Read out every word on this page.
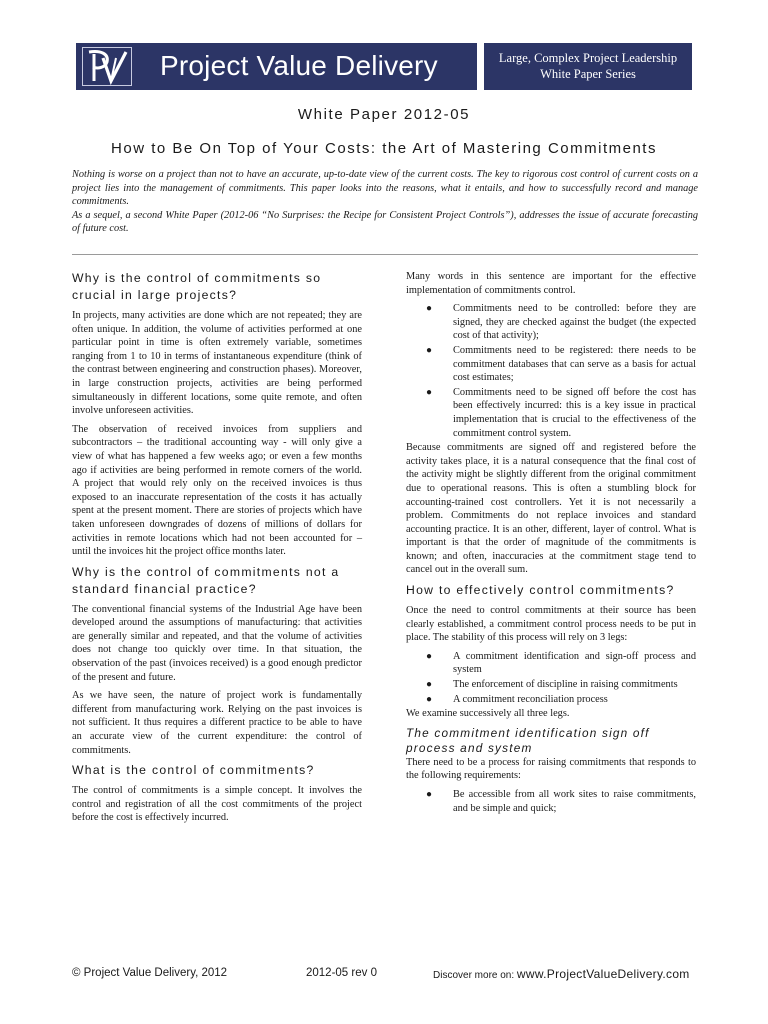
Project Value Delivery	Large, Complex Project Leadership
White Paper Series
White Paper 2012-05
How to Be On Top of Your Costs: the Art of Mastering Commitments

Nothing is worse on a project than not to have an accurate, up-to-date view of the current costs. The key to rigorous cost control of current costs on a project lies into the management of commitments. This paper looks into the reasons, what it entails, and how to successfully record and manage commitments.

As a sequel, a second White Paper (2012-06 “No Surprises: the Recipe for Consistent Project Controls”), addresses the issue of accurate forecasting of future cost.

Why is the control of commitments so crucial in large projects?

In projects, many activities are done which are not repeated; they are often unique. In addition, the volume of activities performed at one particular point in time is often extremely variable, sometimes ranging from 1 to 10 in terms of instantaneous expenditure (think of the contrast between engineering and construction phases). Moreover, in large construction projects, activities are being performed simultaneously in different locations, some quite remote, and often involve unforeseen activities.

The observation of received invoices from suppliers and subcontractors – the traditional accounting way - will only give a view of what has happened a few weeks ago; or even a few months ago if activities are being performed in remote corners of the world. A project that would rely only on the received invoices is thus exposed to an inaccurate representation of the costs it has actually spent at the present moment. There are stories of projects which have taken unforeseen downgrades of dozens of millions of dollars for activities in remote locations which had not been accounted for – until the invoices hit the project office months later.

Why is the control of commitments not a standard financial practice?

The conventional financial systems of the Industrial Age have been developed around the assumptions of manufacturing: that activities are generally similar and repeated, and that the volume of activities does not change too quickly over time. In that situation, the observation of the past (invoices received) is a good enough predictor of the present and future.

As we have seen, the nature of project work is fundamentally different from manufacturing work. Relying on the past invoices is not sufficient. It thus requires a different practice to be able to have an accurate view of the current expenditure: the control of commitments.

What is the control of commitments?

The control of commitments is a simple concept. It involves the control and registration of all the cost commitments of the project before the cost is effectively incurred.

Many words in this sentence are important for the effective implementation of commitments control.

● Commitments need to be controlled: before they are signed, they are checked against the budget (the expected cost of that activity);
● Commitments need to be registered: there needs to be commitment databases that can serve as a basis for actual cost estimates;
● Commitments need to be signed off before the cost has been effectively incurred: this is a key issue in practical implementation that is crucial to the effectiveness of the commitment control system.

Because commitments are signed off and registered before the activity takes place, it is a natural consequence that the final cost of the activity might be slightly different from the original commitment due to operational reasons. This is often a stumbling block for accounting-trained cost controllers. Yet it is not necessarily a problem. Commitments do not replace invoices and standard accounting practice. It is an other, different, layer of control. What is important is that the order of magnitude of the commitments is known; and often, inaccuracies at the commitment stage tend to cancel out in the overall sum.

How to effectively control commitments?

Once the need to control commitments at their source has been clearly established, a commitment control process needs to be put in place. The stability of this process will rely on 3 legs:

● A commitment identification and sign-off process and system
● The enforcement of discipline in raising commitments
● A commitment reconciliation process

We examine successively all three legs.

The commitment identification sign off process and system

There need to be a process for raising commitments that responds to the following requirements:

● Be accessible from all work sites to raise commitments, and be simple and quick;
© Project Value Delivery, 2012	2012-05 rev 0	Discover more on: www.ProjectValueDelivery.com
